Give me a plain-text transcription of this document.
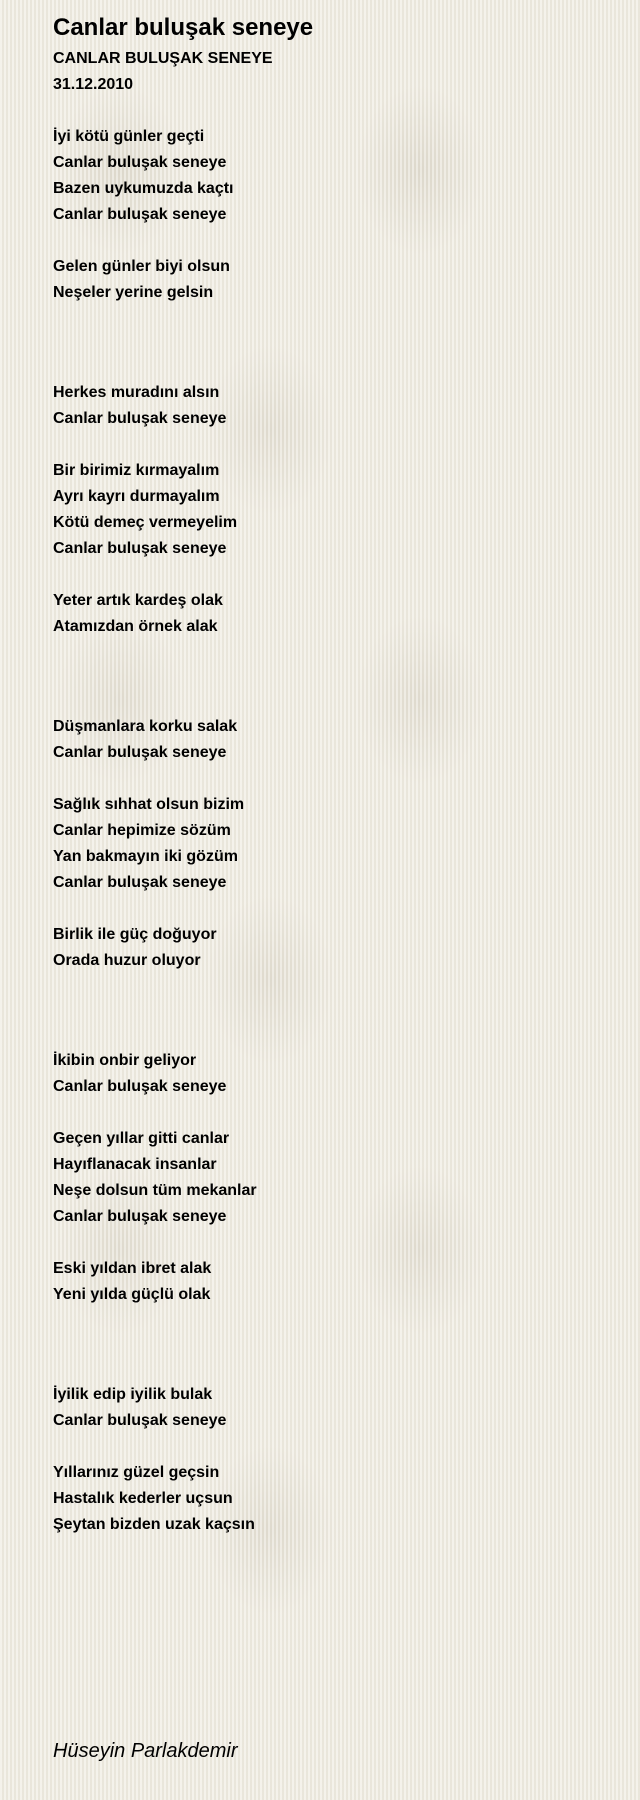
Canlar buluşak seneye
CANLAR BULUŞAK SENEYE
31.12.2010
İyi kötü günler geçti
Canlar buluşak seneye
Bazen uykumuzda kaçtı
Canlar buluşak seneye
Gelen günler biyi olsun
Neşeler yerine gelsin
Herkes muradını alsın
Canlar buluşak seneye
Bir birimiz kırmayalım
Ayrı kayrı durmayalım
Kötü demeç vermeyelim
Canlar buluşak seneye
Yeter artık kardeş olak
Atamızdan örnek alak
Düşmanlara korku salak
Canlar buluşak seneye
Sağlık sıhhat olsun bizim
Canlar hepimize sözüm
Yan bakmayın iki gözüm
Canlar buluşak seneye
Birlik ile güç doğuyor
Orada huzur oluyor
İkibin onbir geliyor
Canlar buluşak seneye
Geçen yıllar gitti canlar
Hayıflanacak insanlar
Neşe dolsun tüm mekanlar
Canlar buluşak seneye
Eski yıldan ibret alak
Yeni yılda güçlü olak
İyilik edip iyilik bulak
Canlar buluşak seneye
Yıllarınız güzel geçsin
Hastalık kederler uçsun
Şeytan bizden uzak kaçsın
Hüseyin Parlakdemir
